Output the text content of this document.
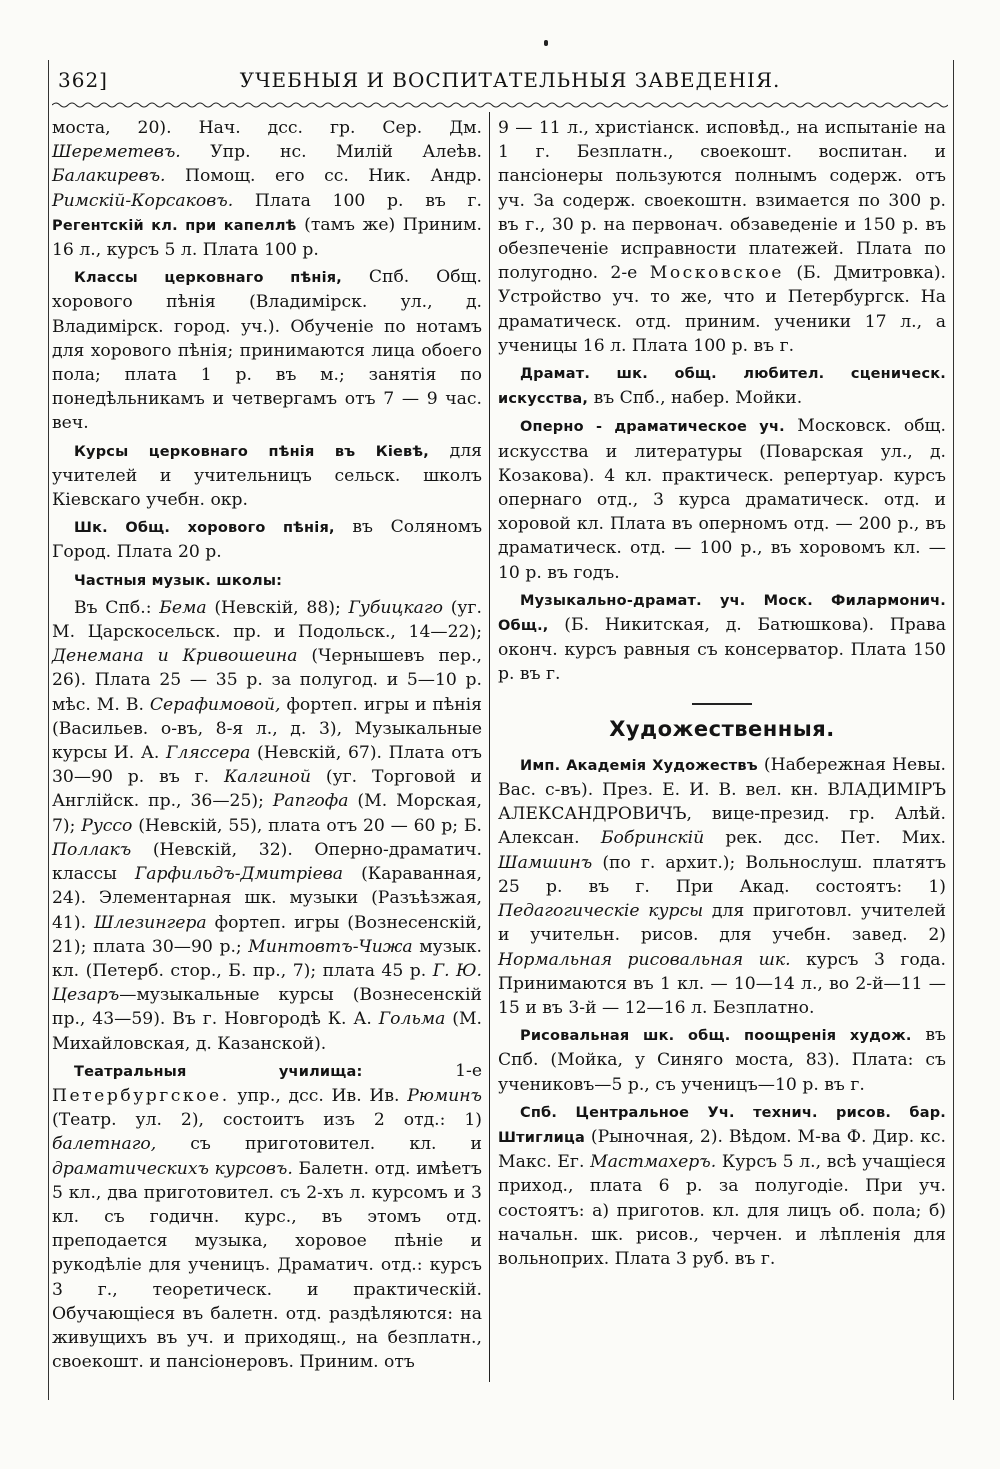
362]	УЧЕБНЫЯ И ВОСПИТАТЕЛЬНЫЯ ЗАВЕДЕНІЯ.

моста, 20). Нач. дсс. гр. Сер. Дм. Шереметевъ. Упр. нс. Милій Алеѣв. Балакиревъ. Помощ. его сс. Ник. Андр. Римскій-Корсаковъ. Плата 100 р. въ г. Регентскій кл. при капеллѣ (тамъ же) Приним. 16 л., курсъ 5 л. Плата 100 р.

Классы церковнаго пѣнія, Спб. Общ. хорового пѣнія (Владимірск. ул., д. Владимірск. город. уч.). Обученіе по нотамъ для хорового пѣнія; принимаются лица обоего пола; плата 1 р. въ м.; занятія по понедѣльникамъ и четвергамъ отъ 7 — 9 час. веч.

Курсы церковнаго пѣнія въ Кіевѣ, для учителей и учительницъ сельск. школъ Кіевскаго учебн. окр.

Шк. Общ. хорового пѣнія, въ Соляномъ Город. Плата 20 р.

Частныя музык. школы:

Въ Спб.: Бема (Невскій, 88); Губицкаго (уг. М. Царскосельск. пр. и Подольск., 14—22); Денемана и Кривошеина (Чернышевъ пер., 26). Плата 25 — 35 р. за полугод. и 5—10 р. мѣс. М. В. Серафимовой, фортеп. игры и пѣнія (Васильев. о-въ, 8-я л., д. 3), Музыкальные курсы И. А. Гляссера (Невскій, 67). Плата отъ 30—90 р. въ г. Калгиной (уг. Торговой и Англійск. пр., 36—25); Рапгофа (М. Морская, 7); Руссо (Невскій, 55), плата отъ 20 — 60 р; Б. Поллакъ (Невскій, 32). Оперно-драматич. классы Гарфильдъ-Дмитріева (Караванная, 24). Элементарная шк. музыки (Разъѣзжая, 41). Шлезингера фортеп. игры (Вознесенскій, 21); плата 30—90 р.; Минтовтъ-Чижа музык. кл. (Петерб. стор., Б. пр., 7); плата 45 р. Г. Ю. Цезаръ—музыкальные курсы (Вознесенскій пр., 43—59). Въ г. Новгородѣ К. А. Гольма (М. Михайловская, д. Казанской).

Театральныя училища: 1-е Петербургское. упр., дсс. Ив. Ив. Рюминъ (Театр. ул. 2), состоитъ изъ 2 отд.: 1) балетнаго, съ приготовител. кл. и драматическихъ курсовъ. Балетн. отд. имѣетъ 5 кл., два приготовител. съ 2-хъ л. курсомъ и 3 кл. съ годичн. курс., въ этомъ отд. преподается музыка, хоровое пѣніе и рукодѣліе для ученицъ. Драматич. отд.: курсъ 3 г., теоретическ. и практическій. Обучающіеся въ балетн. отд. раздѣляются: на живущихъ въ уч. и приходящ., на безплатн., своекошт. и пансіонеровъ. Приним. отъ

9 — 11 л., христіанск. исповѣд., на испытаніе на 1 г. Безплатн., своекошт. воспитан. и пансіонеры пользуются полнымъ содерж. отъ уч. За содерж. своекоштн. взимается по 300 р. въ г., 30 р. на первонач. обзаведеніе и 150 р. въ обезпеченіе исправности платежей. Плата по полугодно. 2-е Московское (Б. Дмитровка). Устройство уч. то же, что и Петербургск. На драматическ. отд. приним. ученики 17 л., а ученицы 16 л. Плата 100 р. въ г.

Драмат. шк. общ. любител. сценическ. искусства, въ Спб., набер. Мойки.

Оперно - драматическое уч. Московск. общ. искусства и литературы (Поварская ул., д. Козакова). 4 кл. практическ. репертуар. курсъ опернаго отд., 3 курса драматическ. отд. и хоровой кл. Плата въ оперномъ отд. — 200 р., въ драматическ. отд. — 100 р., въ хоровомъ кл. — 10 р. въ годъ.

Музыкально-драмат. уч. Моск. Филармонич. Общ., (Б. Никитская, д. Батюшкова). Права оконч. курсъ равныя съ консерватор. Плата 150 р. въ г.

Художественныя.

Имп. Академія Художествъ (Набережная Невы. Вас. с-въ). През. Е. И. В. вел. кн. ВЛАДИМІРЪ АЛЕКСАНДРОВИЧЪ, вице-презид. гр. Алѣй. Алексан. Бобринскій рек. дсс. Пет. Мих. Шамшинъ (по г. архит.); Вольнослуш. платятъ 25 р. въ г. При Акад. состоятъ: 1) Педагогическіе курсы для приготовл. учителей и учительн. рисов. для учебн. завед. 2) Нормальная рисовальная шк. курсъ 3 года. Принимаются въ 1 кл. — 10—14 л., во 2-й—11 — 15 и въ 3-й — 12—16 л. Безплатно.

Рисовальная шк. общ. поощренія худож. въ Спб. (Мойка, у Синяго моста, 83). Плата: съ учениковъ—5 р., съ ученицъ—10 р. въ г.

Спб. Центральное Уч. технич. рисов. бар. Штиглица (Рыночная, 2). Вѣдом. М-ва Ф. Дир. кс. Макс. Ег. Мастмахеръ. Курсъ 5 л., всѣ учащіеся приход., плата 6 р. за полугодіе. При уч. состоятъ: а) приготов. кл. для лицъ об. пола; б) начальн. шк. рисов., черчен. и лѣпленія для вольноприх. Плата 3 руб. въ г.
